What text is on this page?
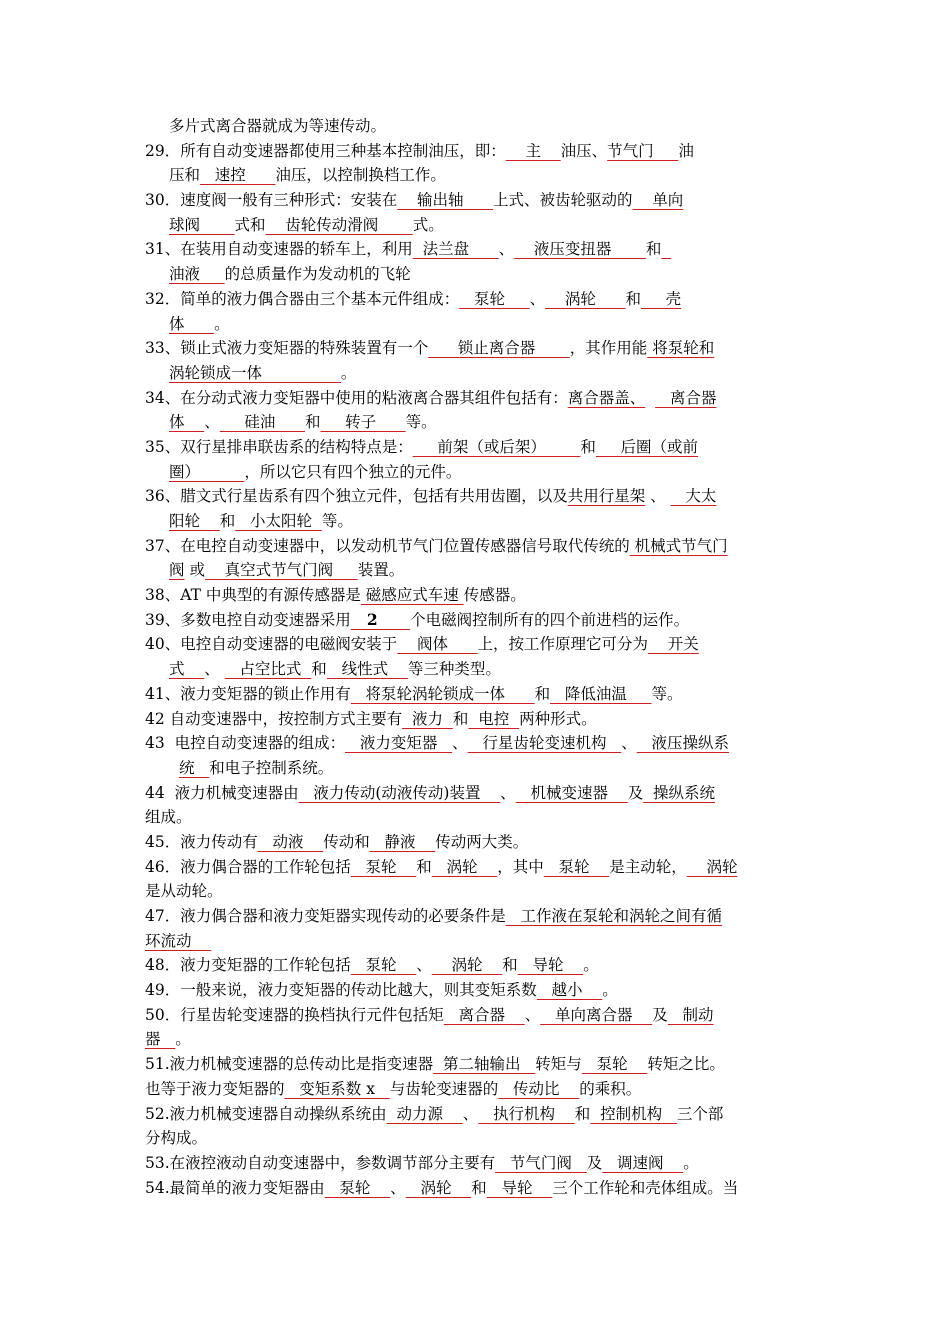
多片式离合器就成为等速传动。
29．所有自动变速器都使用三种基本控制油压，即：    主    油压、节气门     油
压和   速控      油压，以控制换档工作。
30．速度阀一般有三种形式：安装在    输出轴      上式、被齿轮驱动的    单向
球阀       式和    齿轮传动滑阀       式。
31、在装用自动变速器的轿车上，利用  法兰盘      、    液压变扭器       和
油液     的总质量作为发动机的飞轮
32．简单的液力偶合器由三个基本元件组成：   泵轮     、    涡轮      和     壳
体      。
33、锁止式液力变矩器的特殊装置有一个      锁止离合器       ，其作用能 将泵轮和
涡轮锁成一体                。
34、在分动式液力变矩器中使用的粘液离合器其组件包括有：离合器盖、     离合器
体    、     硅油      和     转子      等。
35、双行星排串联齿系的结构特点是：     前架（或后架）       和     后圈（或前
圈）         ，所以它只有四个独立的元件。
36、腊文式行星齿系有四个独立元件，包括有共用齿圈，以及共用行星架 、    大太
阳轮    和   小太阳轮  等。
37、在电控自动变速器中，以发动机节气门位置传感器信号取代传统的 机械式节气门
阀 或    真空式节气门阀     装置。
38、AT 中典型的有源传感器是 磁感应式车速 传感器。
39、多数电控自动变速器采用   2      个电磁阀控制所有的四个前进档的运作。
40、电控自动变速器的电磁阀安装于    阀体      上，按工作原理它可分为    开关
式    、    占空比式  和   线性式    等三种类型。
41、液力变矩器的锁止作用有   将泵轮涡轮锁成一体      和   降低油温     等。
42 自动变速器中，按控制方式主要有  液力  和  电控  两种形式。
43  电控自动变速器的组成：   液力变矩器   、   行星齿轮变速机构   、   液压操纵系
统   和电子控制系统。
44  液力机械变速器由   液力传动(动液传动)装置    、   机械变速器    及  操纵系统
组成。
45．液力传动有   动液    传动和   静液    传动两大类。
46．液力偶合器的工作轮包括   泵轮    和   涡轮    ，其中   泵轮    是主动轮，    涡轮
是从动轮。
47．液力偶合器和液力变矩器实现传动的必要条件是   工作液在泵轮和涡轮之间有循
环流动
48．液力变矩器的工作轮包括   泵轮    、    涡轮    和   导轮    。
49．一般来说，液力变矩器的传动比越大，则其变矩系数   越小    。
50．行星齿轮变速器的换档执行元件包括矩   离合器    、   单向离合器    及   制动
器   。
51.液力机械变速器的总传动比是指变速器  第二轴输出   转矩与   泵轮    转矩之比。
也等于液力变矩器的   变矩系数 x   与齿轮变速器的   传动比    的乘积。
52.液力机械变速器自动操纵系统由  动力源    、   执行机构    和  控制机构   三个部
分构成。
53.在液控液动自动变速器中，参数调节部分主要有   节气门阀   及   调速阀    。
54.最简单的液力变矩器由   泵轮    、   涡轮    和   导轮    三个工作轮和壳体组成。当
